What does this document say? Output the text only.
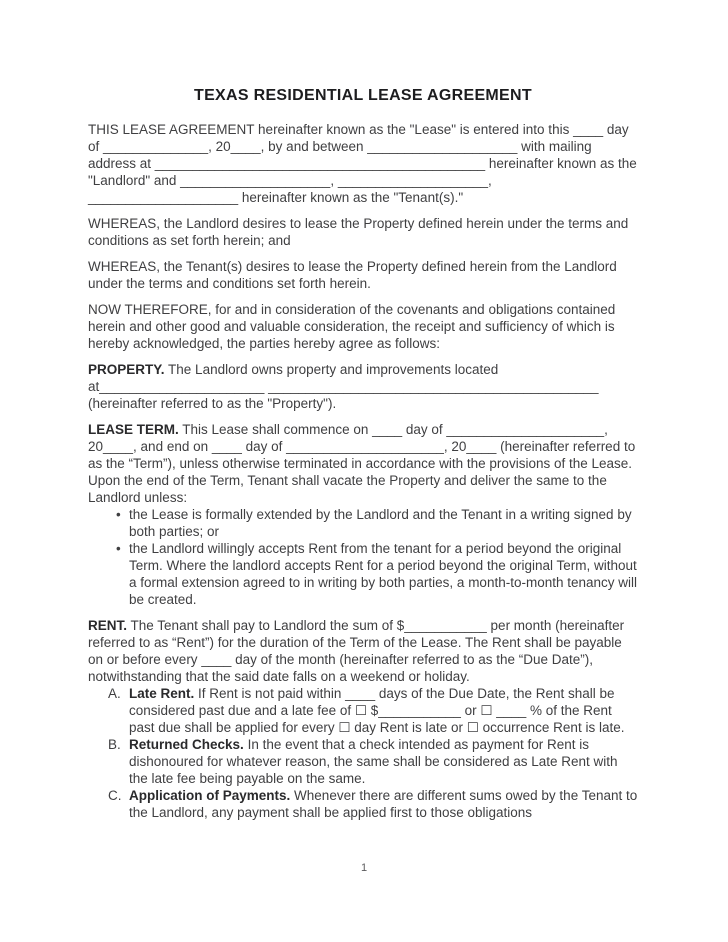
TEXAS RESIDENTIAL LEASE AGREEMENT

THIS LEASE AGREEMENT hereinafter known as the "Lease" is entered into this ____ day of ______________, 20____, by and between ____________________ with mailing address at ____________________________________________ hereinafter known as the "Landlord" and ____________________, ____________________, ____________________ hereinafter known as the "Tenant(s)."

WHEREAS, the Landlord desires to lease the Property defined herein under the terms and conditions as set forth herein; and

WHEREAS, the Tenant(s) desires to lease the Property defined herein from the Landlord under the terms and conditions set forth herein.

NOW THEREFORE, for and in consideration of the covenants and obligations contained herein and other good and valuable consideration, the receipt and sufficiency of which is hereby acknowledged, the parties hereby agree as follows:

PROPERTY. The Landlord owns property and improvements located at______________________ ____________________________________________ (hereinafter referred to as the "Property").

LEASE TERM. This Lease shall commence on ____ day of _____________________, 20____, and end on ____ day of _____________________, 20____ (hereinafter referred to as the “Term”), unless otherwise terminated in accordance with the provisions of the Lease. Upon the end of the Term, Tenant shall vacate the Property and deliver the same to the Landlord unless:

• the Lease is formally extended by the Landlord and the Tenant in a writing signed by both parties; or
• the Landlord willingly accepts Rent from the tenant for a period beyond the original Term. Where the landlord accepts Rent for a period beyond the original Term, without a formal extension agreed to in writing by both parties, a month-to-month tenancy will be created.

RENT. The Tenant shall pay to Landlord the sum of $___________ per month (hereinafter referred to as “Rent”) for the duration of the Term of the Lease. The Rent shall be payable on or before every ____ day of the month (hereinafter referred to as the “Due Date”), notwithstanding that the said date falls on a weekend or holiday.

A. Late Rent. If Rent is not paid within ____ days of the Due Date, the Rent shall be considered past due and a late fee of ☐ $___________ or ☐ ____ % of the Rent past due shall be applied for every ☐ day Rent is late or ☐ occurrence Rent is late.
B. Returned Checks. In the event that a check intended as payment for Rent is dishonoured for whatever reason, the same shall be considered as Late Rent with the late fee being payable on the same.
C. Application of Payments. Whenever there are different sums owed by the Tenant to the Landlord, any payment shall be applied first to those obligations
1
